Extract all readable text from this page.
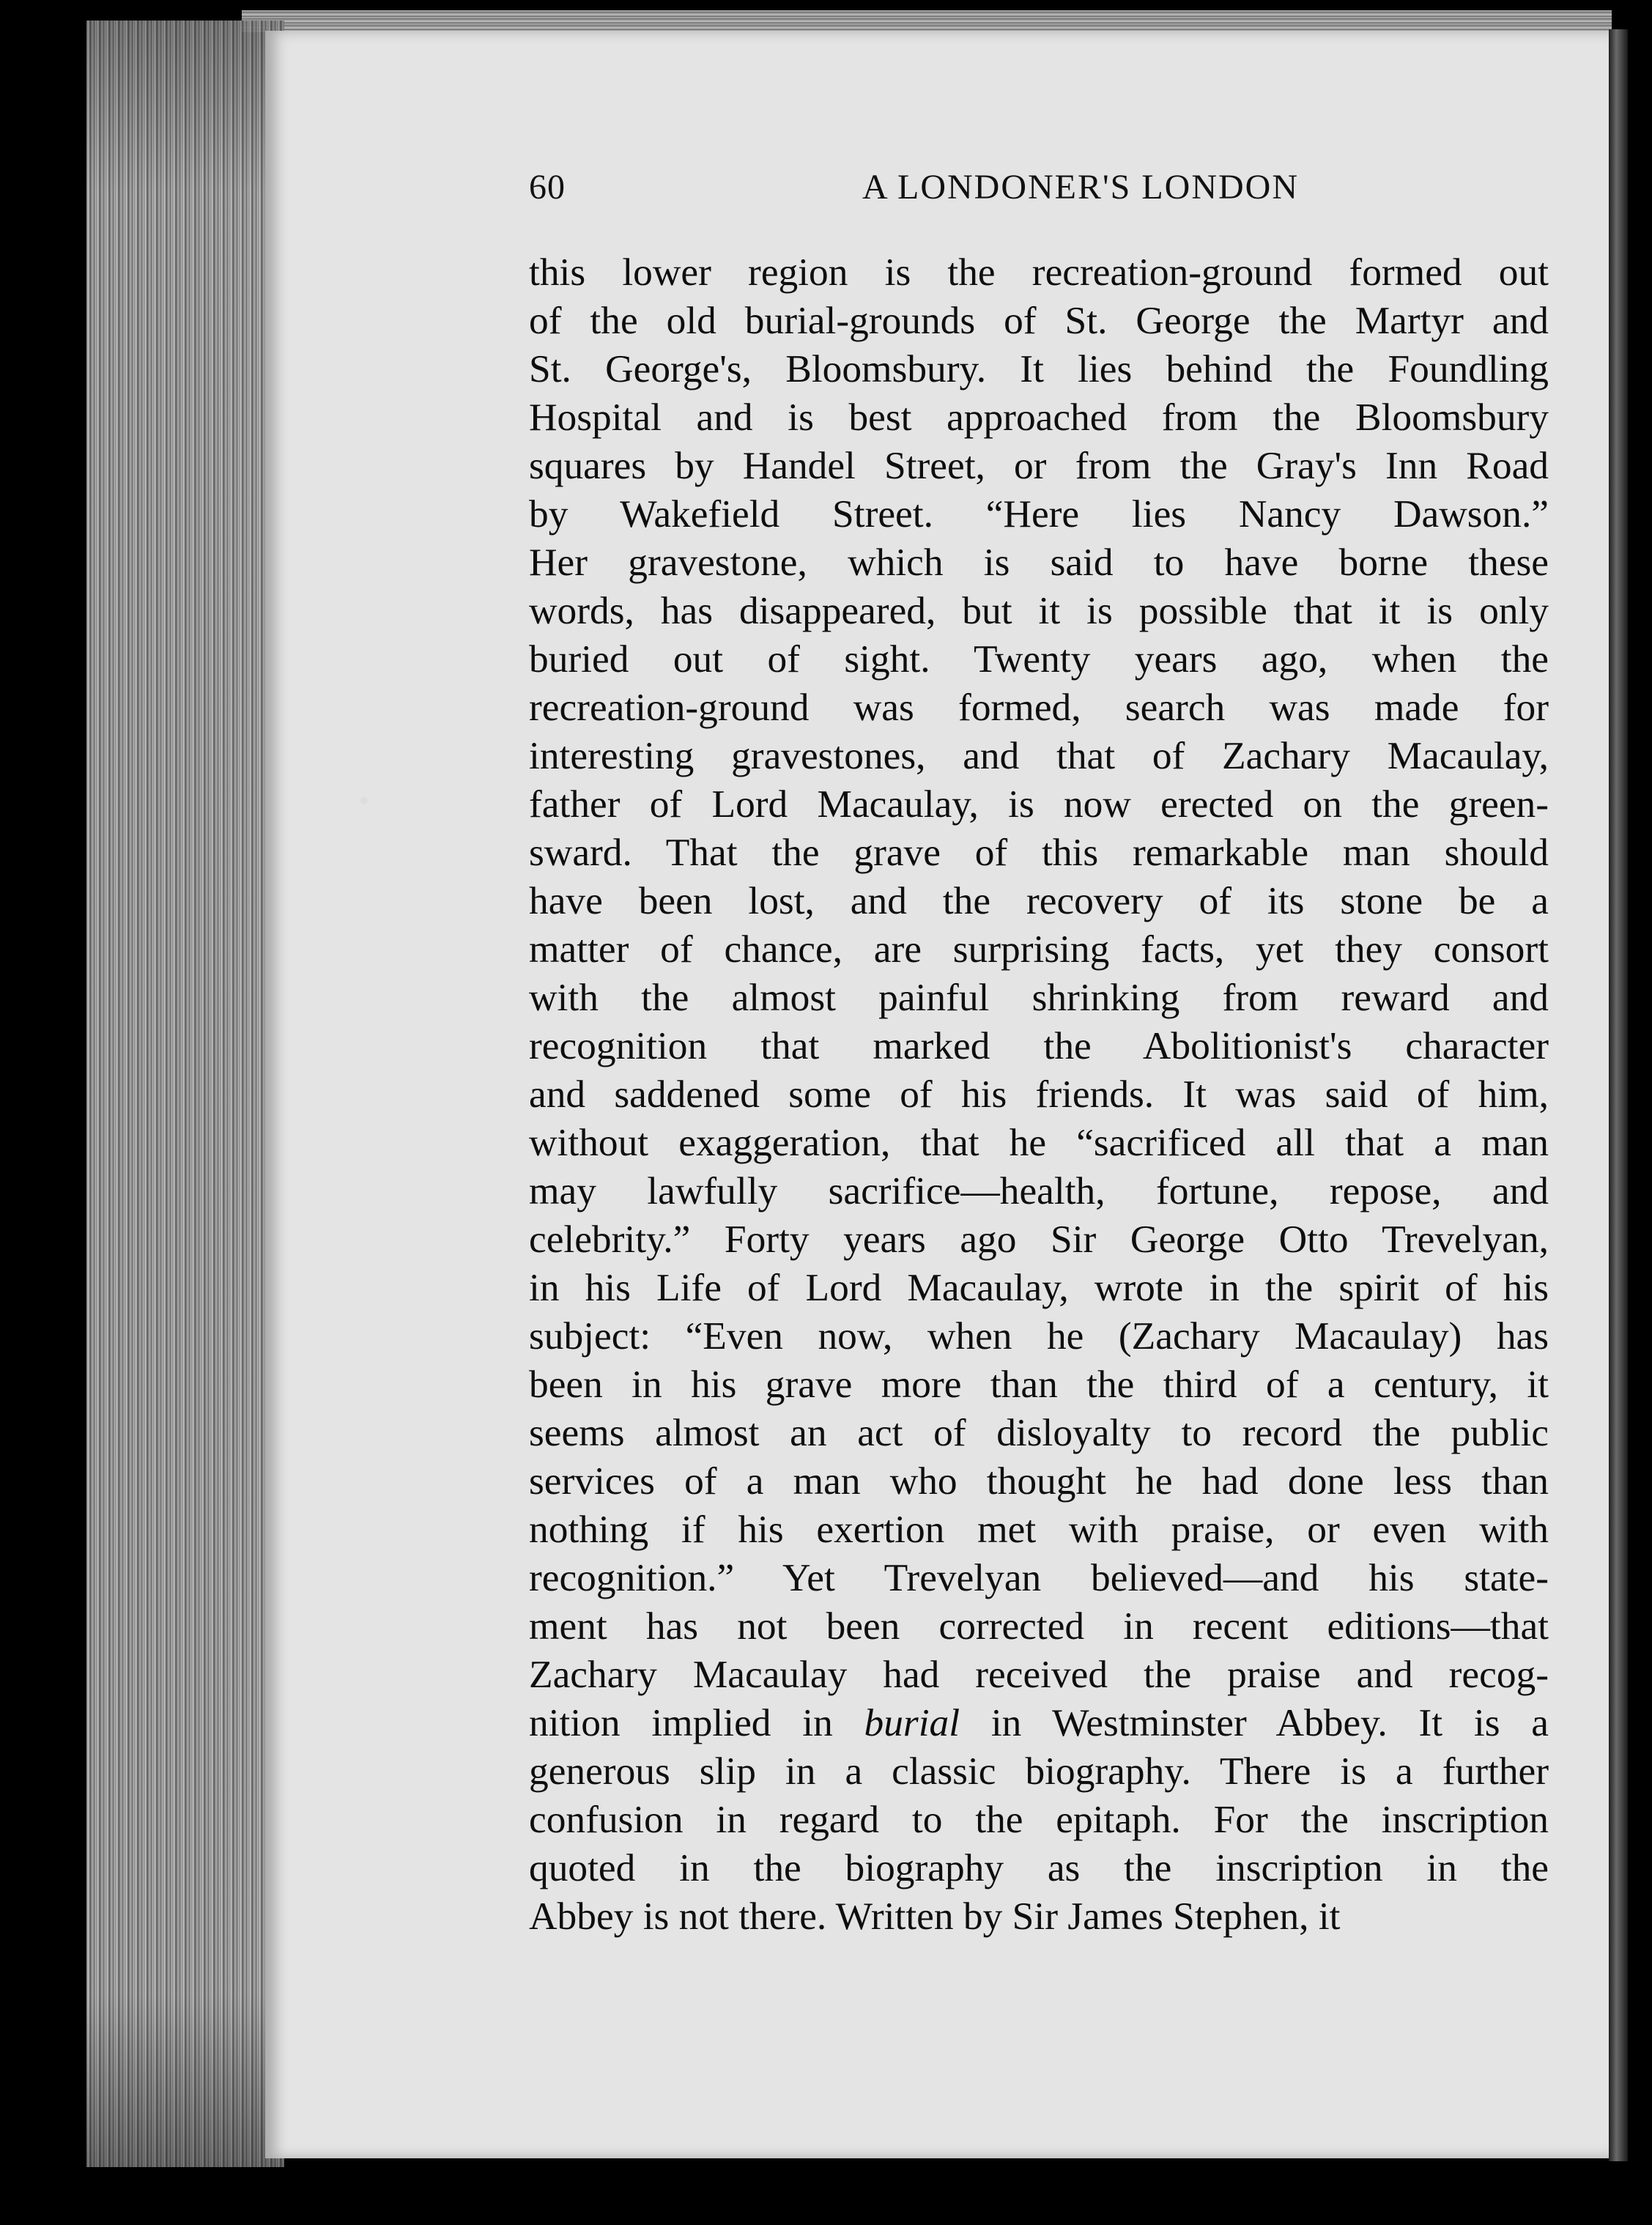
60	A LONDONER'S LONDON
this lower region is the recreation-ground formed out
of the old burial-grounds of St. George the Martyr and
St. George's, Bloomsbury. It lies behind the Foundling
Hospital and is best approached from the Bloomsbury
squares by Handel Street, or from the Gray's Inn Road
by Wakefield Street. “Here lies Nancy Dawson.”
Her gravestone, which is said to have borne these
words, has disappeared, but it is possible that it is only
buried out of sight. Twenty years ago, when the
recreation-ground was formed, search was made for
interesting gravestones, and that of Zachary Macaulay,
father of Lord Macaulay, is now erected on the green-
sward. That the grave of this remarkable man should
have been lost, and the recovery of its stone be a
matter of chance, are surprising facts, yet they consort
with the almost painful shrinking from reward and
recognition that marked the Abolitionist's character
and saddened some of his friends. It was said of him,
without exaggeration, that he “sacrificed all that a man
may lawfully sacrifice—health, fortune, repose, and
celebrity.” Forty years ago Sir George Otto Trevelyan,
in his Life of Lord Macaulay, wrote in the spirit of his
subject: “Even now, when he (Zachary Macaulay) has
been in his grave more than the third of a century, it
seems almost an act of disloyalty to record the public
services of a man who thought he had done less than
nothing if his exertion met with praise, or even with
recognition.” Yet Trevelyan believed—and his state-
ment has not been corrected in recent editions—that
Zachary Macaulay had received the praise and recog-
nition implied in burial in Westminster Abbey. It is a
generous slip in a classic biography. There is a further
confusion in regard to the epitaph. For the inscription
quoted in the biography as the inscription in the
Abbey is not there. Written by Sir James Stephen, it
